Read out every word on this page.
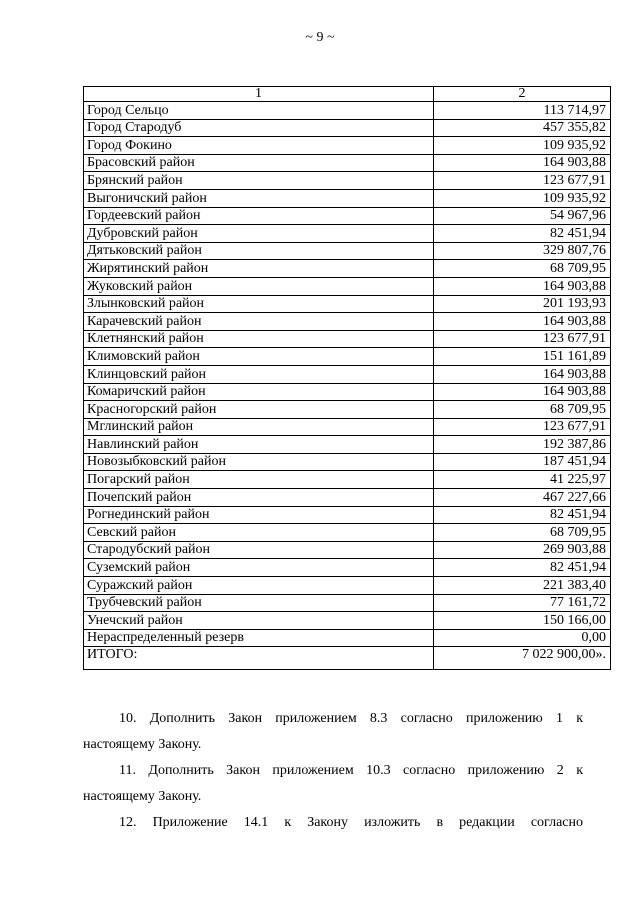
~ 9 ~
1	2
Город Сельцо	113 714,97
Город Стародуб	457 355,82
Город Фокино	109 935,92
Брасовский район	164 903,88
Брянский район	123 677,91
Выгоничский район	109 935,92
Гордеевский район	54 967,96
Дубровский район	82 451,94
Дятьковский район	329 807,76
Жирятинский район	68 709,95
Жуковский район	164 903,88
Злынковский район	201 193,93
Карачевский район	164 903,88
Клетнянский район	123 677,91
Климовский район	151 161,89
Клинцовский район	164 903,88
Комаричский район	164 903,88
Красногорский район	68 709,95
Мглинский район	123 677,91
Навлинский район	192 387,86
Новозыбковский район	187 451,94
Погарский район	41 225,97
Почепский район	467 227,66
Рогнединский район	82 451,94
Севский район	68 709,95
Стародубский район	269 903,88
Суземский район	82 451,94
Суражский район	221 383,40
Трубчевский район	77 161,72
Унечский район	150 166,00
Нераспределенный резерв	0,00
ИТОГО:	7 022 900,00».
10. Дополнить Закон приложением 8.3 согласно приложению 1 к
настоящему Закону.
11. Дополнить Закон приложением 10.3 согласно приложению 2 к
настоящему Закону.
12. Приложение 14.1 к Закону изложить в редакции согласно
